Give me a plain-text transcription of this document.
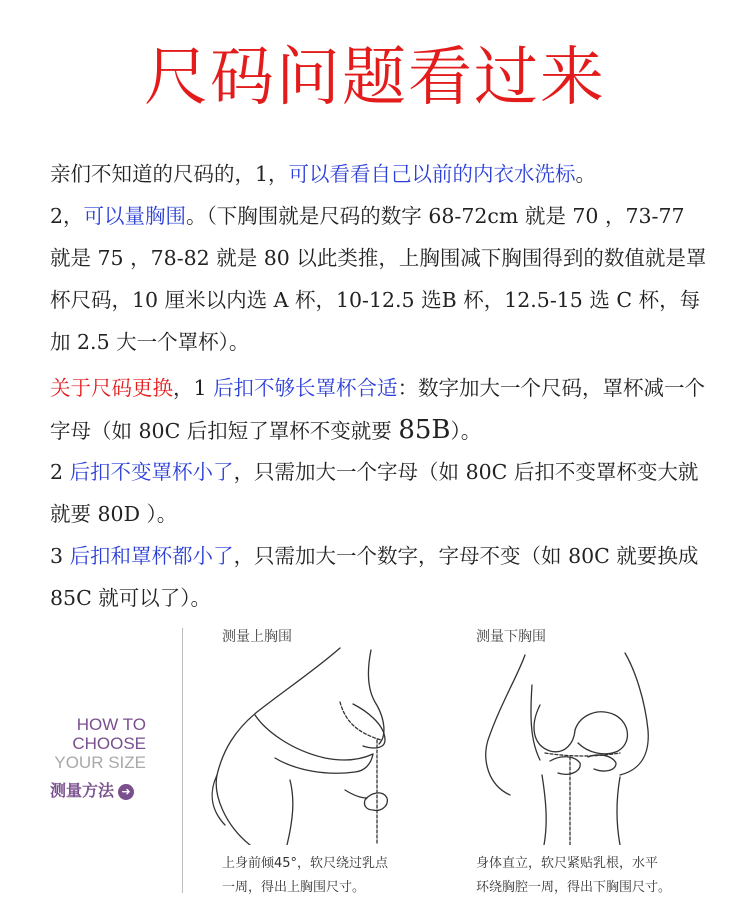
尺码问题看过来
亲们不知道的尺码的，1，可以看看自己以前的内衣水洗标。
2，可以量胸围。（下胸围就是尺码的数字 68-72cm 就是 70 ，73-77 就是 75 ，78-82 就是 80 以此类推，上胸围减下胸围得到的数值就是罩杯尺码，10 厘米以内选 A 杯，10-12.5 选B 杯，12.5-15 选 C 杯，每加 2.5 大一个罩杯）。
关于尺码更换，1 后扣不够长罩杯合适：数字加大一个尺码，罩杯减一个字母（如 80C 后扣短了罩杯不变就要 85B）。
2 后扣不变罩杯小了，只需加大一个字母（如 80C 后扣不变罩杯变大就就要 80D ）。
3 后扣和罩杯都小了，只需加大一个数字，字母不变（如 80C 就要换成 85C 就可以了）。
HOW TO
CHOOSE
YOUR SIZE
测量方法 ➜
测量上胸围
上身前倾45°，软尺绕过乳点
一周，得出上胸围尺寸。
测量下胸围
身体直立，软尺紧贴乳根，水平
环绕胸腔一周，得出下胸围尺寸。
